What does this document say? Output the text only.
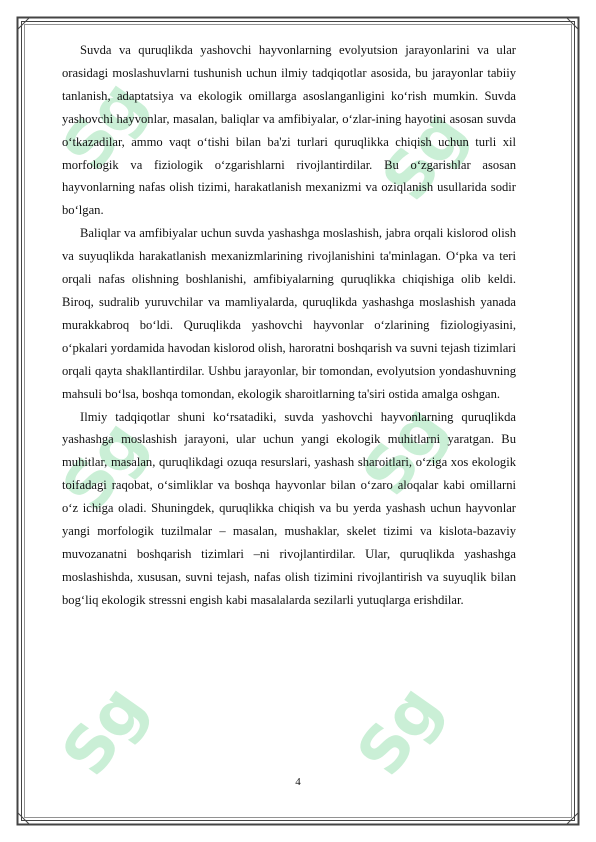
Sg	Sg
Sg	Sg
Sg	Sg

Suvda va quruqlikda yashovchi hayvonlarning evolyutsion jarayonlarini va ular orasidagi moslashuvlarni tushunish uchun ilmiy tadqiqotlar asosida, bu jarayonlar tabiiy tanlanish, adaptatsiya va ekologik omillarga asoslanganligini ko‘rish mumkin. Suvda yashovchi hayvonlar, masalan, baliqlar va amfibiyalar, o‘zlar-ining hayotini asosan suvda o‘tkazadilar, ammo vaqt o‘tishi bilan ba'zi turlari quruqlikka chiqish uchun turli xil morfologik va fiziologik o‘zgarishlarni rivojlantirdilar. Bu o‘zgarishlar asosan hayvonlarning nafas olish tizimi, harakatlanish mexanizmi va oziqlanish usullarida sodir bo‘lgan.

Baliqlar va amfibiyalar uchun suvda yashashga moslashish, jabra orqali kislorod olish va suyuqlikda harakatlanish mexanizmlarining rivojlanishini ta'minlagan. O‘pka va teri orqali nafas olishning boshlanishi, amfibiyalarning quruqlikka chiqishiga olib keldi. Biroq, sudralib yuruvchilar va mamliyalarda, quruqlikda yashashga moslashish yanada murakkabroq bo‘ldi. Quruqlikda yashovchi hayvonlar o‘zlarining fiziologiyasini, o‘pkalari yordamida havodan kislorod olish, haroratni boshqarish va suvni tejash tizimlari orqali qayta shakllantirdilar. Ushbu jarayonlar, bir tomondan, evolyutsion yondashuvning mahsuli bo‘lsa, boshqa tomondan, ekologik sharoitlarning ta'siri ostida amalga oshgan.

Ilmiy tadqiqotlar shuni ko‘rsatadiki, suvda yashovchi hayvonlarning quruqlikda yashashga moslashish jarayoni, ular uchun yangi ekologik muhitlarni yaratgan. Bu muhitlar, masalan, quruqlikdagi ozuqa resurslari, yashash sharoitlari, o‘ziga xos ekologik toifadagi raqobat, o‘simliklar va boshqa hayvonlar bilan o‘zaro aloqalar kabi omillarni o‘z ichiga oladi. Shuningdek, quruqlikka chiqish va bu yerda yashash uchun hayvonlar yangi morfologik tuzilmalar – masalan, mushaklar, skelet tizimi va kislota-bazaviy muvozanatni boshqarish tizimlari –ni rivojlantirdilar. Ular, quruqlikda yashashga moslashishda, xususan, suvni tejash, nafas olish tizimini rivojlantirish va suyuqlik bilan bog‘liq ekologik stressni engish kabi masalalarda sezilarli yutuqlarga erishdilar.

4
